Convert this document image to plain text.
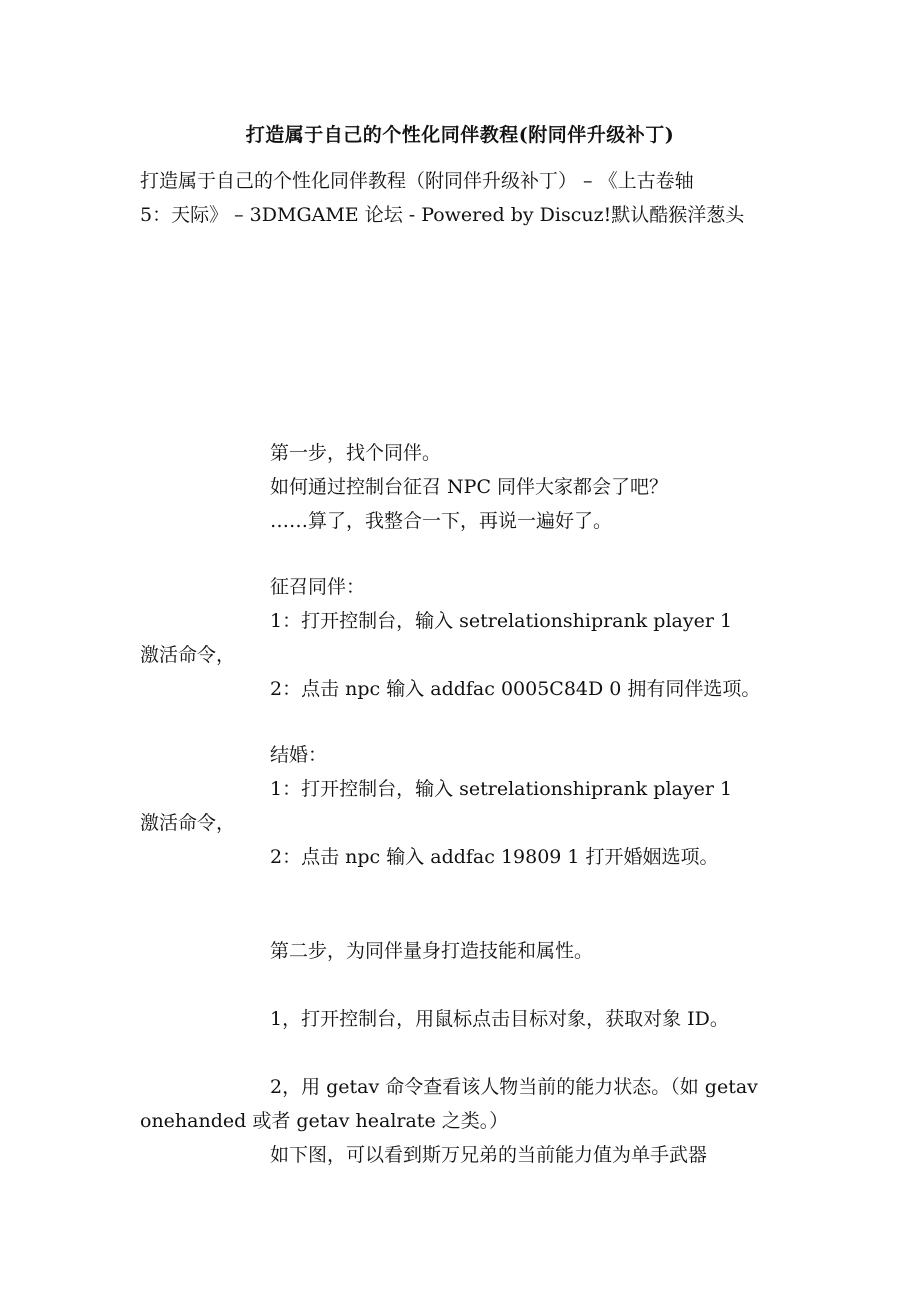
打造属于自己的个性化同伴教程(附同伴升级补丁)
打造属于自己的个性化同伴教程（附同伴升级补丁） – 《上古卷轴
5：天际》 – 3DMGAME 论坛 - Powered by Discuz!默认酷猴洋葱头
第一步，找个同伴。
如何通过控制台征召 NPC 同伴大家都会了吧？
……算了，我整合一下，再说一遍好了。
征召同伴：
1：打开控制台，输入 setrelationshiprank player 1
激活命令，
2：点击 npc 输入 addfac 0005C84D 0 拥有同伴选项。
结婚：
1：打开控制台，输入 setrelationshiprank player 1
激活命令，
2：点击 npc 输入 addfac 19809 1 打开婚姻选项。
第二步，为同伴量身打造技能和属性。
1，打开控制台，用鼠标点击目标对象，获取对象 ID。
2，用 getav 命令查看该人物当前的能力状态。（如 getav
onehanded 或者 getav healrate 之类。）
如下图，可以看到斯万兄弟的当前能力值为单手武器
